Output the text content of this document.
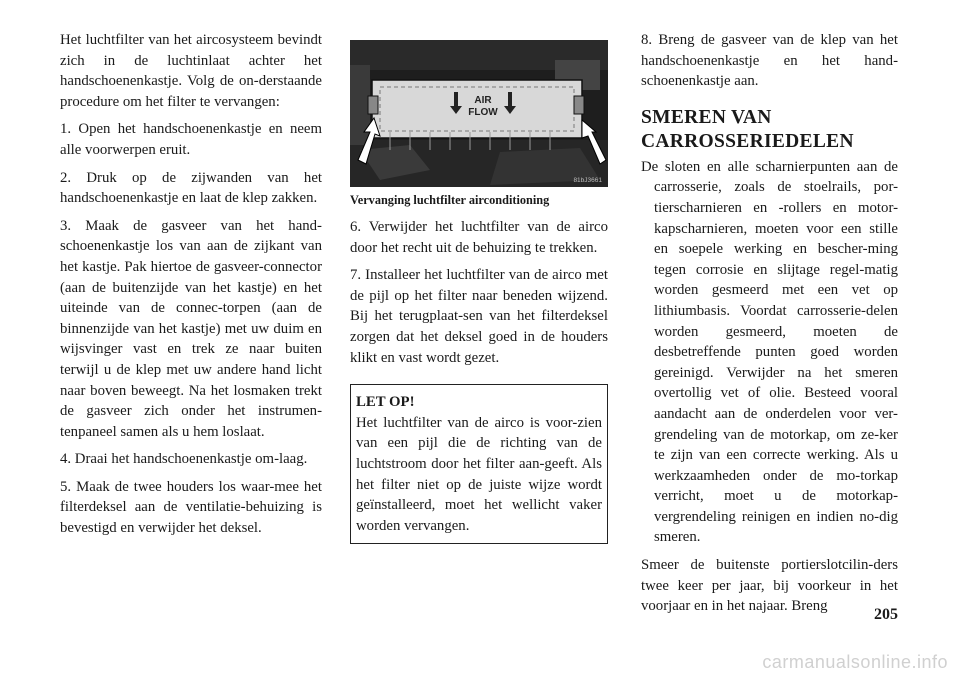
Het luchtfilter van het aircosysteem bevindt zich in de luchtinlaat achter het handschoenenkastje. Volg de on-derstaande procedure om het filter te vervangen:

1. Open het handschoenenkastje en neem alle voorwerpen eruit.

2. Druk op de zijwanden van het handschoenenkastje en laat de klep zakken.

3. Maak de gasveer van het hand-schoenenkastje los van aan de zijkant van het kastje. Pak hiertoe de gasveer-connector (aan de buitenzijde van het kastje) en het uiteinde van de connec-torpen (aan de binnenzijde van het kastje) met uw duim en wijsvinger vast en trek ze naar buiten terwijl u de klep met uw andere hand licht naar boven beweegt. Na het losmaken trekt de gasveer zich onder het instrumen-tenpaneel samen als u hem loslaat.

4. Draai het handschoenenkastje om-laag.

5. Maak de twee houders los waar-mee het filterdeksel aan de ventilatie-behuizing is bevestigd en verwijder het deksel.

AIR
FLOW
81bJ3661
Vervanging luchtfilter airconditioning

6. Verwijder het luchtfilter van de airco door het recht uit de behuizing te trekken.

7. Installeer het luchtfilter van de airco met de pijl op het filter naar beneden wijzend. Bij het terugplaat-sen van het filterdeksel zorgen dat het deksel goed in de houders klikt en vast wordt gezet.

LET OP!
Het luchtfilter van de airco is voor-zien van een pijl die de richting van de luchtstroom door het filter aan-geeft. Als het filter niet op de juiste wijze wordt geïnstalleerd, moet het wellicht vaker worden vervangen.

8. Breng de gasveer van de klep van het handschoenenkastje en het hand-schoenenkastje aan.

SMEREN VAN
CARROSSERIEDELEN

De sloten en alle scharnierpunten aan de carrosserie, zoals de stoelrails, por-tierscharnieren en -rollers en motor-kapscharnieren, moeten voor een stille en soepele werking en bescher-ming tegen corrosie en slijtage regel-matig worden gesmeerd met een vet op lithiumbasis. Voordat carrosserie-delen worden gesmeerd, moeten de desbetreffende punten goed worden gereinigd. Verwijder na het smeren overtollig vet of olie. Besteed vooral aandacht aan de onderdelen voor ver-grendeling van de motorkap, om ze-ker te zijn van een correcte werking. Als u werkzaamheden onder de mo-torkap verricht, moet u de motorkap-vergrendeling reinigen en indien no-dig smeren.

Smeer de buitenste portierslotcilin-ders twee keer per jaar, bij voorkeur in het voorjaar en in het najaar. Breng	205
carmanualsonline.info
